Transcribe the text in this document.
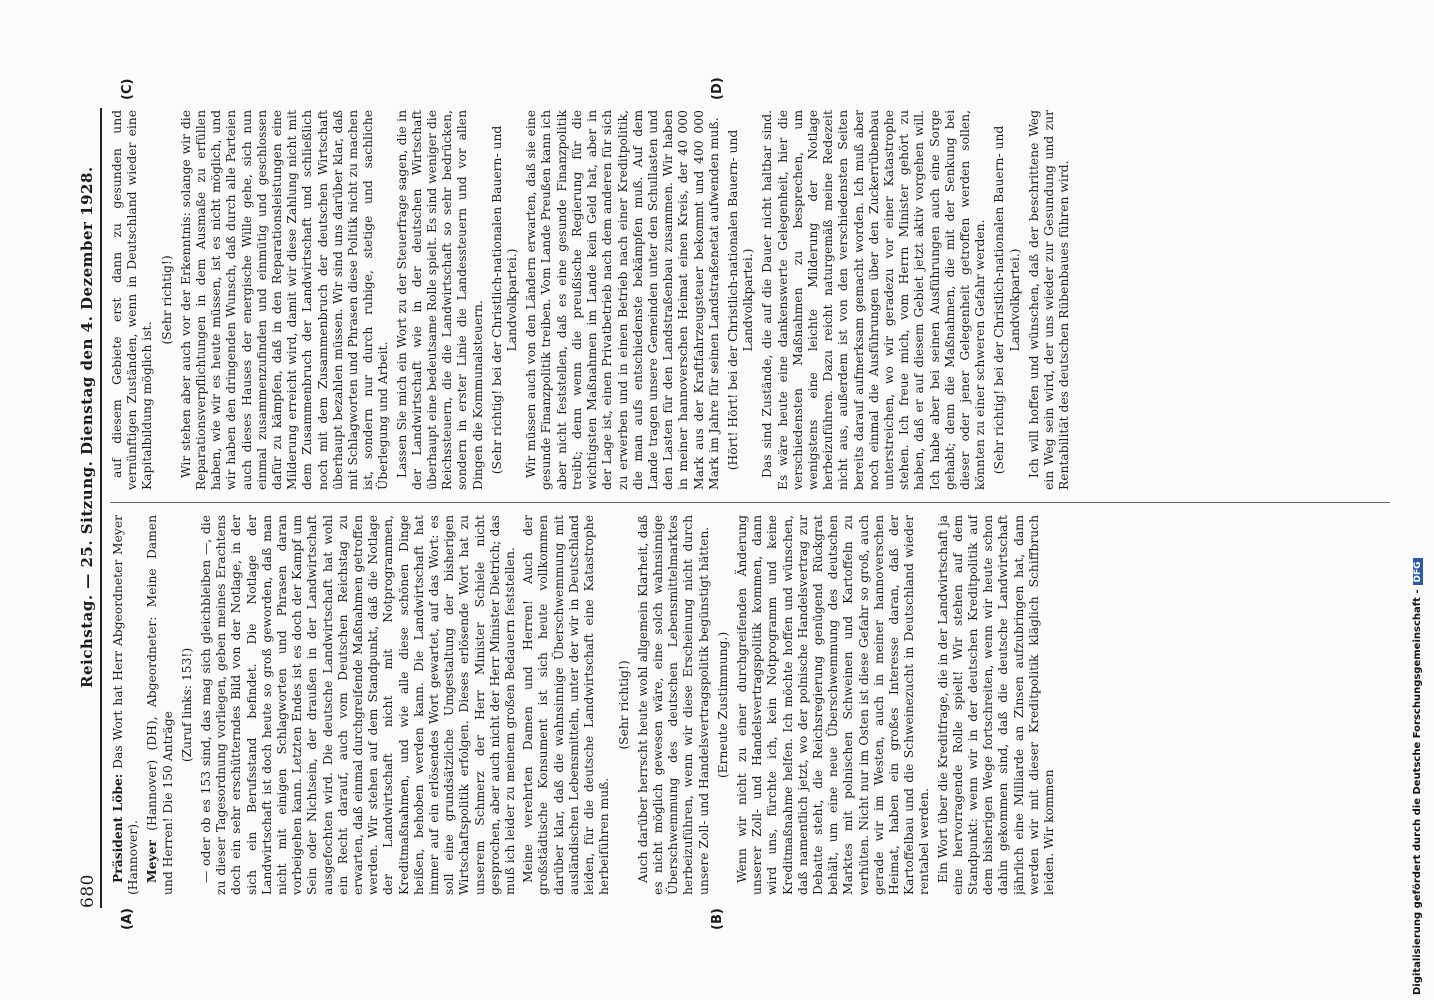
680
Reichstag. — 25. Sitzung. Dienstag den 4. Dezember 1928.
(A)	(B)
(C)	(D)

Präsident Löbe: Das Wort hat Herr Abgeordneter Meyer (Hannover). Meyer (Hannover) (DH), Abgeordneter: Meine Damen und Herren! Die 150 Anträge

(Zuruf links: 153!) — oder ob es 153 sind, das mag sich gleichbleiben —, die zu dieser Tagesordnung vorliegen, geben meines Erachtens doch ein sehr erschütterndes Bild von der Notlage, in der sich ein Berufsstand befindet. Die Notlage der Landwirtschaft ist doch heute so groß geworden, daß man nicht mit einigen Schlagworten und Phrasen daran vorbeigehen kann. Letzten Endes ist es doch der Kampf um Sein oder Nichtsein, der draußen in der Landwirtschaft ausgefochten wird. Die deutsche Landwirtschaft hat wohl ein Recht darauf, auch vom Deutschen Reichstag zu erwarten, daß einmal durchgreifende Maßnahmen getroffen werden. Wir stehen auf dem Standpunkt, daß die Notlage der Landwirtschaft nicht mit Notprogrammen, Kreditmaßnahmen, und wie alle diese schönen Dinge heißen, behoben werden kann. Die Landwirtschaft hat immer auf ein erlösendes Wort gewartet, auf das Wort: es soll eine grundsätzliche Umgestaltung der bisherigen Wirtschaftspolitik erfolgen. Dieses erlösende Wort hat zu unserem Schmerz der Herr Minister Schiele nicht gesprochen, aber auch nicht der Herr Minister Dietrich; das muß ich leider zu meinem großen Bedauern feststellen. Meine verehrten Damen und Herren! Auch der großstädtische Konsument ist sich heute vollkommen darüber klar, daß die wahnsinnige Überschwemmung mit ausländischen Lebensmitteln, unter der wir in Deutschland leiden, für die deutsche Landwirtschaft eine Katastrophe herbeiführen muß.

(Sehr richtig!) Auch darüber herrscht heute wohl allgemein Klarheit, daß es nicht möglich gewesen wäre, eine solch wahnsinnige Überschwemmung des deutschen Lebensmittelmarktes herbeizuführen, wenn wir diese Erscheinung nicht durch unsere Zoll- und Handelsvertragspolitik begünstigt hätten. (Erneute Zustimmung.) Wenn wir nicht zu einer durchgreifenden Änderung unserer Zoll- und Handelsvertragspolitik kommen, dann wird uns, fürchte ich, kein Notprogramm und keine Kreditmaßnahme helfen. Ich möchte hoffen und wünschen, daß namentlich jetzt, wo der polnische Handelsvertrag zur Debatte steht, die Reichsregierung genügend Rückgrat behält, um eine neue Überschwemmung des deutschen Marktes mit polnischen Schweinen und Kartoffeln zu verhüten. Nicht nur im Osten ist diese Gefahr so groß, auch gerade wir im Westen, auch in meiner hannoverschen Heimat, haben ein großes Interesse daran, daß der Kartoffelbau und die Schweinezucht in Deutschland wieder rentabel werden. Ein Wort über die Kreditfrage, die in der Landwirtschaft ja eine hervorragende Rolle spielt! Wir stehen auf dem Standpunkt: wenn wir in der deutschen Kreditpolitik auf dem bisherigen Wege fortschreiten, wenn wir heute schon dahin gekommen sind, daß die deutsche Landwirtschaft jährlich eine Milliarde an Zinsen aufzubringen hat, dann werden wir mit dieser Kreditpolitik kläglich Schiffbruch leiden. Wir kommen

auf diesem Gebiete erst dann zu gesunden und vernünftigen Zuständen, wenn in Deutschland wieder eine Kapitalbildung möglich ist.

(Sehr richtig!) Wir stehen aber auch vor der Erkenntnis: solange wir die Reparationsverpflichtungen in dem Ausmaße zu erfüllen haben, wie wir es heute müssen, ist es nicht möglich, und wir haben den dringenden Wunsch, daß durch alle Parteien auch dieses Hauses der energische Wille gehe, sich nun einmal zusammenzufinden und einmütig und geschlossen dafür zu kämpfen, daß in den Reparationsleistungen eine Milderung erreicht wird, damit wir diese Zahlung nicht mit dem Zusammenbruch der Landwirtschaft und schließlich noch mit dem Zusammenbruch der deutschen Wirtschaft überhaupt bezahlen müssen. Wir sind uns darüber klar, daß mit Schlagworten und Phrasen diese Politik nicht zu machen ist, sondern nur durch ruhige, stetige und sachliche Überlegung und Arbeit. Lassen Sie mich ein Wort zu der Steuerfrage sagen, die in der Landwirtschaft wie in der deutschen Wirtschaft überhaupt eine bedeutsame Rolle spielt. Es sind weniger die Reichssteuern, die die Landwirtschaft so sehr bedrücken, sondern in erster Linie die Landessteuern und vor allen Dingen die Kommunalsteuern. (Sehr richtig! bei der Christlich-nationalen Bauern- und Landvolkpartei.) Wir müssen auch von den Ländern erwarten, daß sie eine gesunde Finanzpolitik treiben. Vom Lande Preußen kann ich aber nicht feststellen, daß es eine gesunde Finanzpolitik treibt; denn wenn die preußische Regierung für die wichtigsten Maßnahmen im Lande kein Geld hat, aber in der Lage ist, einen Privatbetrieb nach dem anderen für sich zu erwerben und in einen Betrieb nach einer Kreditpolitik, die man aufs entschiedenste bekämpfen muß. Auf dem Lande tragen unsere Gemeinden unter den Schullasten und den Lasten für den Landstraßenbau zusammen. Wir haben in meiner hannoverschen Heimat einen Kreis, der 40 000 Mark aus der Kraftfahrzeugsteuer bekommt und 400 000 Mark im Jahre für seinen Landstraßenetat aufwenden muß. (Hört! Hört! bei der Christlich-nationalen Bauern- und Landvolkpartei.) Das sind Zustände, die auf die Dauer nicht haltbar sind. Es wäre heute eine dankenswerte Gelegenheit, hier die verschiedensten Maßnahmen zu besprechen, um wenigstens eine leichte Milderung der Notlage herbeizuführen. Dazu reicht naturgemäß meine Redezeit nicht aus, außerdem ist von den verschiedensten Seiten bereits darauf aufmerksam gemacht worden. Ich muß aber noch einmal die Ausführungen über den Zuckerrübenbau unterstreichen, wo wir geradezu vor einer Katastrophe stehen. Ich freue mich, vom Herrn Minister gehört zu haben, daß er auf diesem Gebiet jetzt aktiv vorgehen will. Ich habe aber bei seinen Ausführungen auch eine Sorge gehabt; denn die Maßnahmen, die mit der Senkung bei dieser oder jener Gelegenheit getroffen werden sollen, könnten zu einer schweren Gefahr werden. (Sehr richtig! bei der Christlich-nationalen Bauern- und Landvolkpartei.) Ich will hoffen und wünschen, daß der beschrittene Weg ein Weg sein wird, der uns wieder zur Gesundung und zur Rentabilität des deutschen Rübenbaues führen wird.

Digitalisierung gefördert durch die Deutsche Forschungsgemeinschaft -DFG
